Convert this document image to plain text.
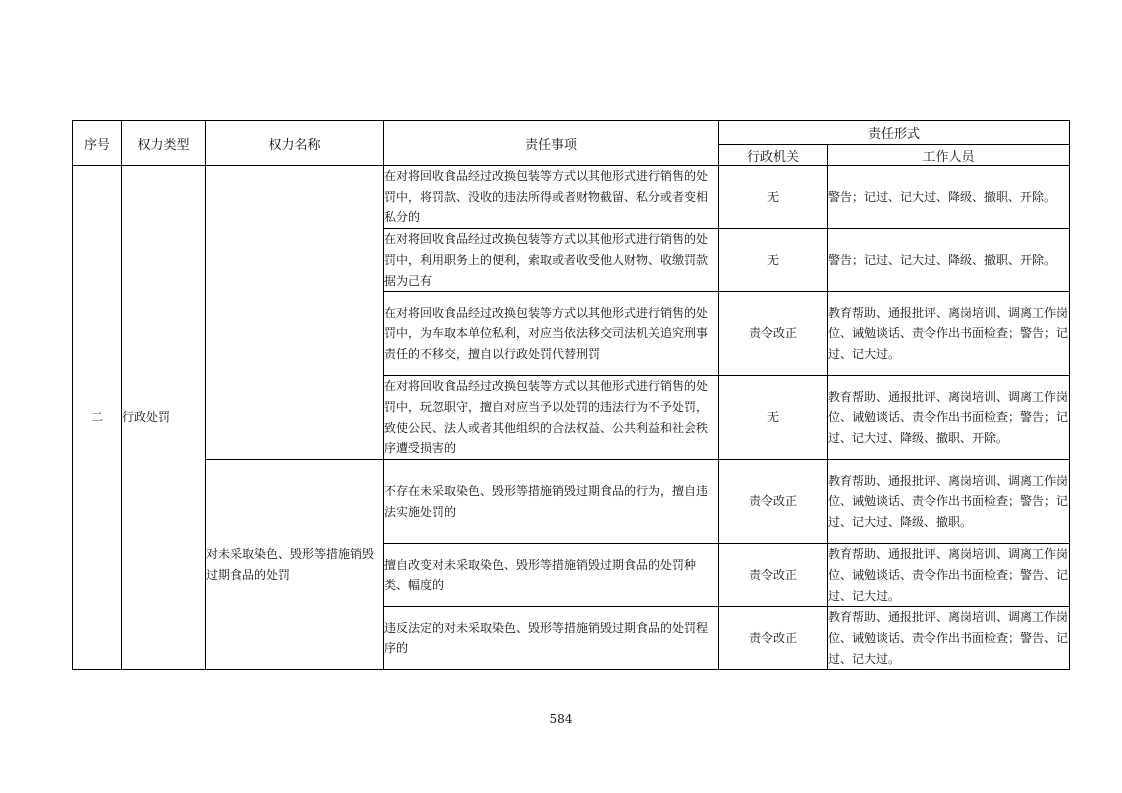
序号	权力类型	权力名称	责任事项	责任形式	
				行政机关	工作人员
二	行政处罚		在对将回收食品经过改换包装等方式以其他形式进行销售的处罚中，将罚款、没收的违法所得或者财物截留、私分或者变相私分的	无	警告；记过、记大过、降级、撤职、开除。
			在对将回收食品经过改换包装等方式以其他形式进行销售的处罚中，利用职务上的便利，索取或者收受他人财物、收缴罚款据为己有	无	警告；记过、记大过、降级、撤职、开除。
			在对将回收食品经过改换包装等方式以其他形式进行销售的处罚中，为车取本单位私利，对应当依法移交司法机关追究刑事责任的不移交，擅自以行政处罚代替刑罚	责令改正	教育帮助、通报批评、离岗培训、调离工作岗位、诫勉谈话、责令作出书面检查；警告；记过、记大过。
			在对将回收食品经过改换包装等方式以其他形式进行销售的处罚中，玩忽职守，擅自对应当予以处罚的违法行为不予处罚，致使公民、法人或者其他组织的合法权益、公共利益和社会秩序遭受损害的	无	教育帮助、通报批评、离岗培训、调离工作岗位、诫勉谈话、责令作出书面检查；警告；记过、记大过、降级、撤职、开除。
		对未采取染色、毁形等措施销毁过期食品的处罚	不存在未采取染色、毁形等措施销毁过期食品的行为，擅自违法实施处罚的	责令改正	教育帮助、通报批评、离岗培训、调离工作岗位、诫勉谈话、责令作出书面检查；警告；记过、记大过、降级、撤职。
			擅自改变对未采取染色、毁形等措施销毁过期食品的处罚种类、幅度的	责令改正	教育帮助、通报批评、离岗培训、调离工作岗位、诫勉谈话、责令作出书面检查；警告、记过、记大过。
			违反法定的对未采取染色、毁形等措施销毁过期食品的处罚程序的	责令改正	教育帮助、通报批评、离岗培训、调离工作岗位、诫勉谈话、责令作出书面检查；警告、记过、记大过。
584
